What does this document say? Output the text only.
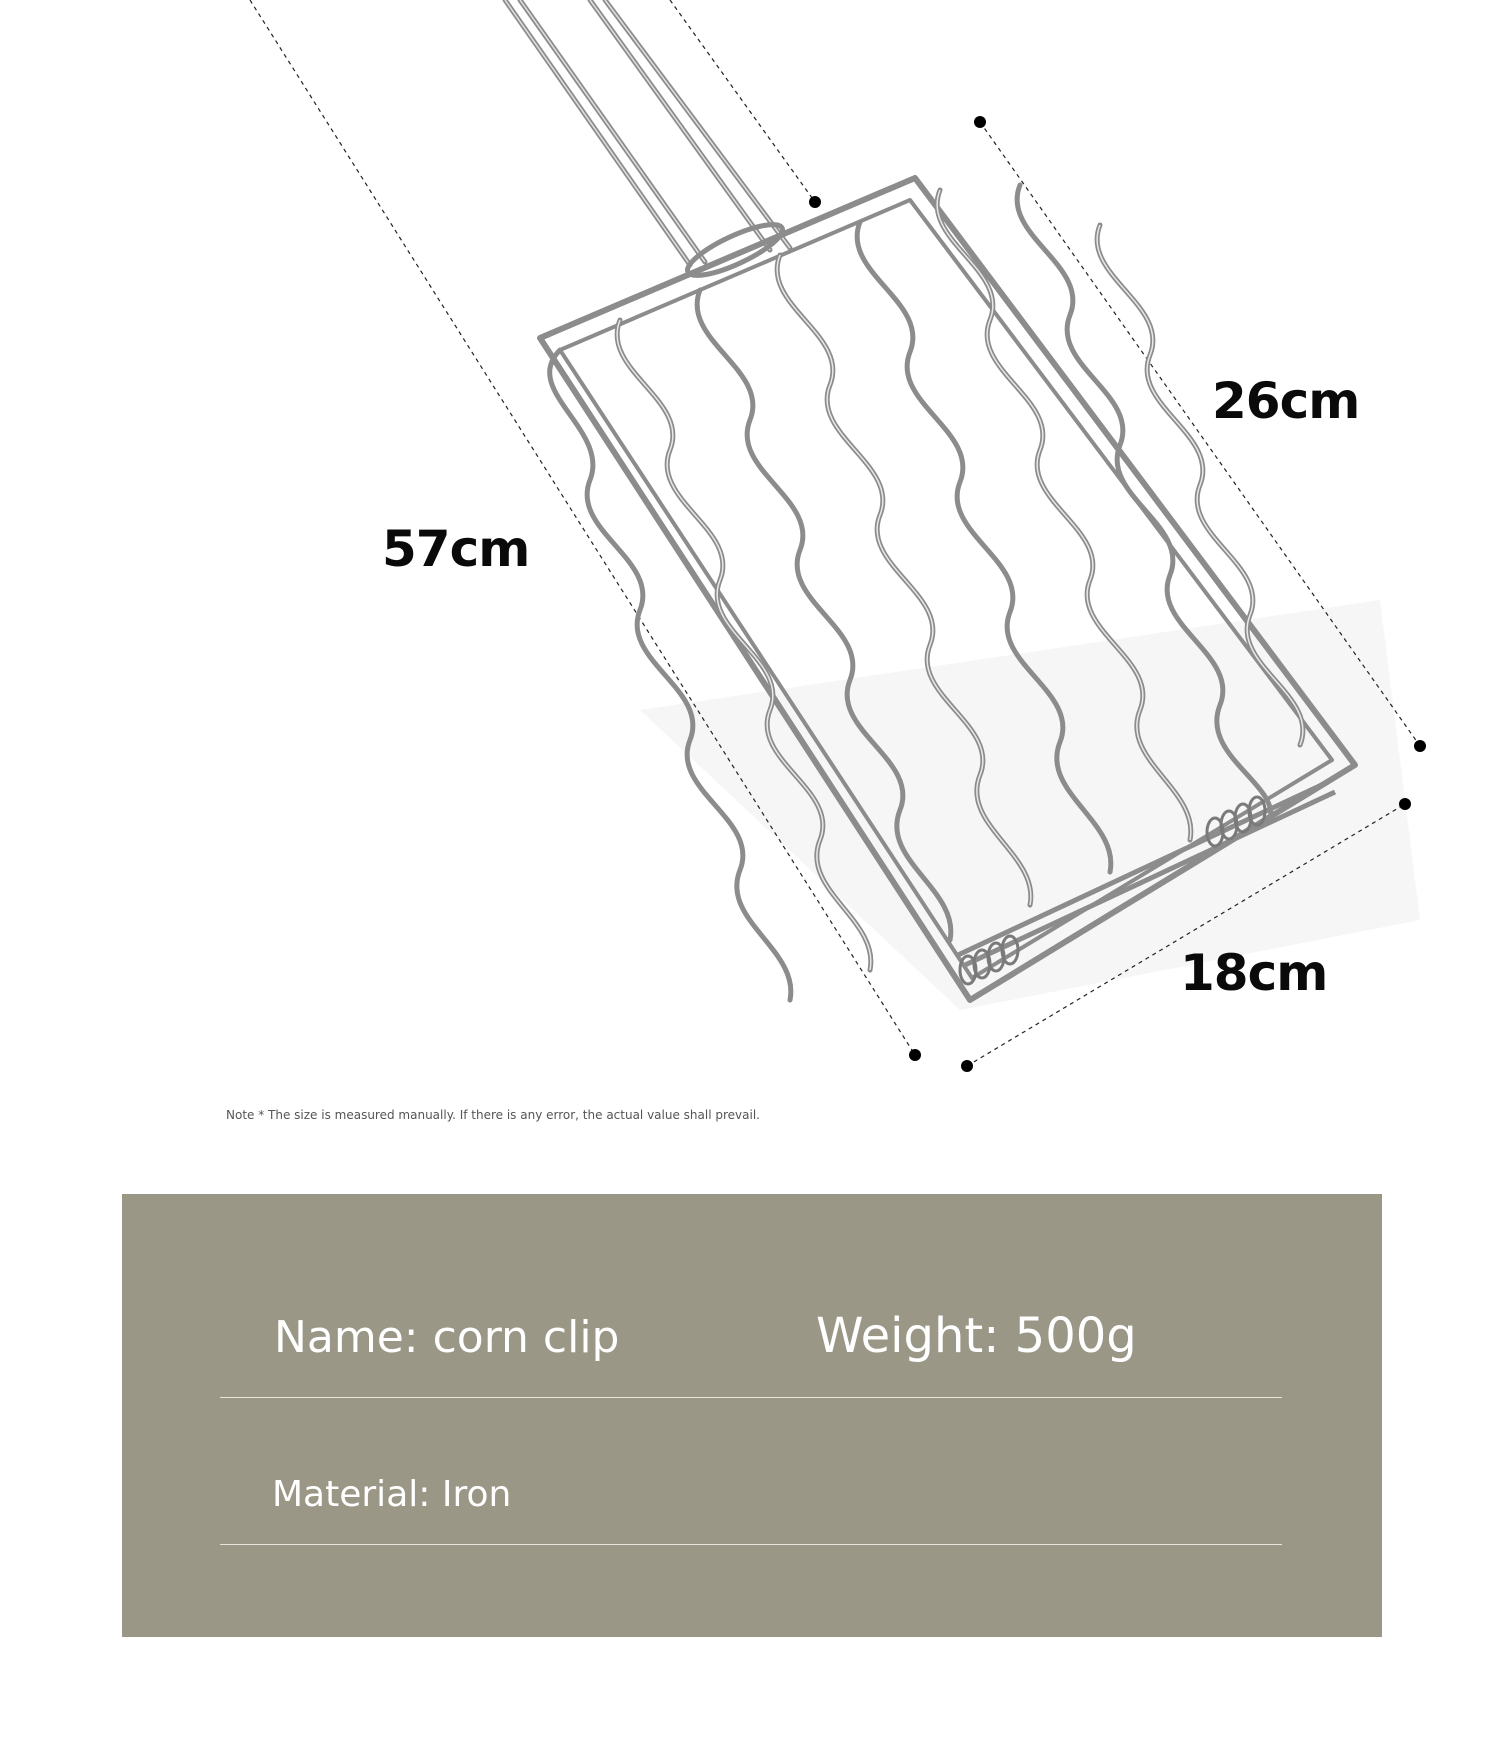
57cm
26cm
18cm
Note * The size is measured manually. If there is any error, the actual value shall prevail.
Name: corn clip	Weight: 500g
Material: Iron
